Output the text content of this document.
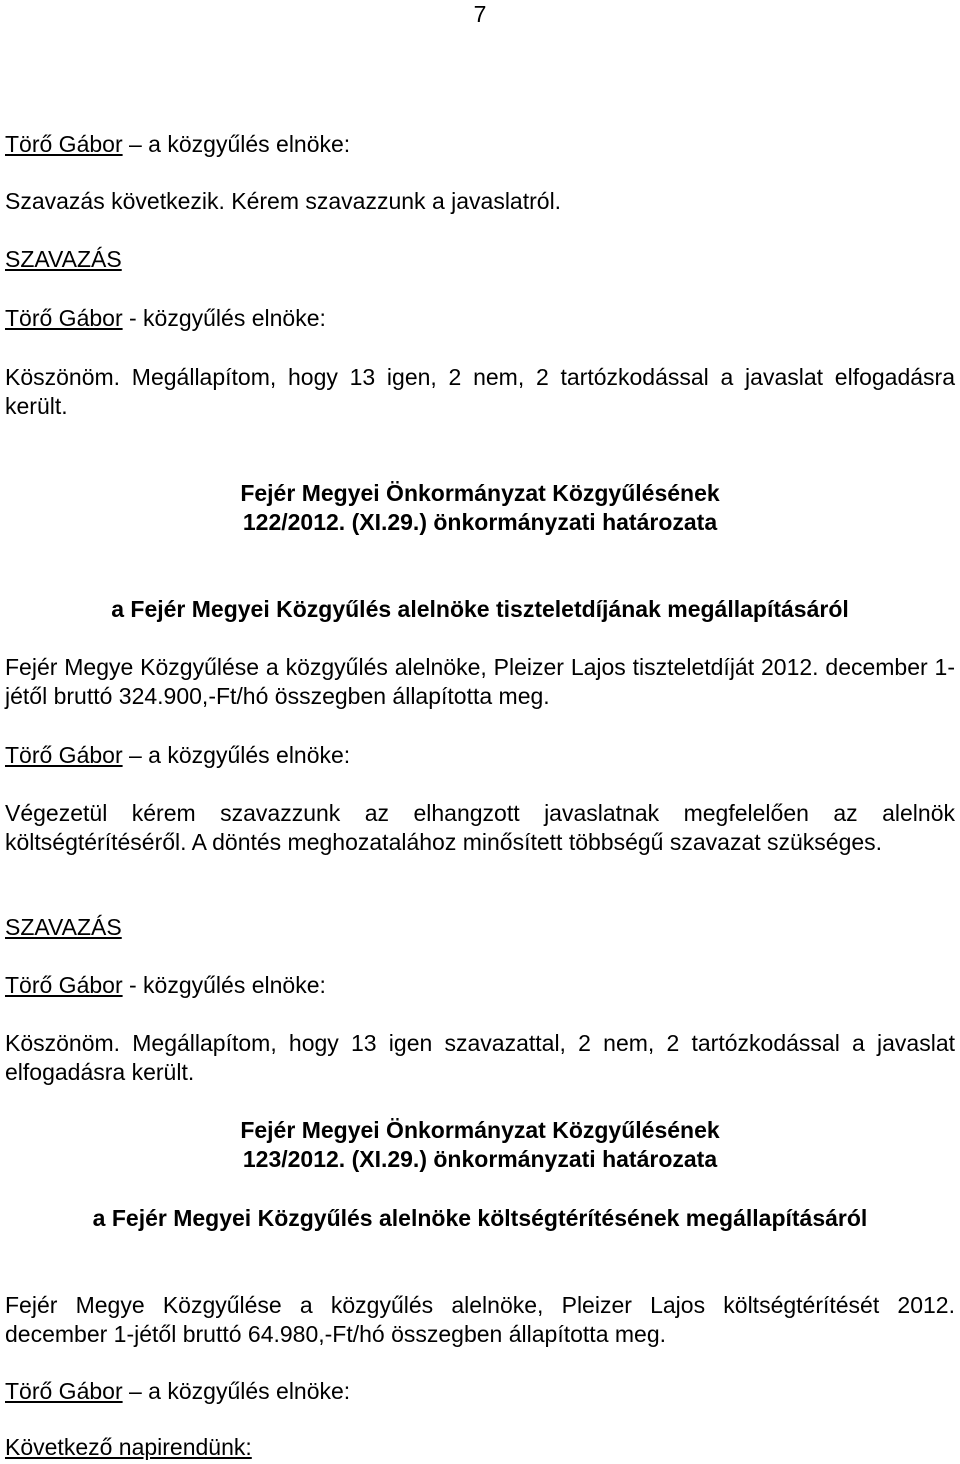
7
Törő Gábor – a közgyűlés elnöke:
Szavazás következik. Kérem szavazzunk a javaslatról.
SZAVAZÁS
Törő Gábor - közgyűlés elnöke:
Köszönöm. Megállapítom, hogy 13 igen, 2 nem, 2 tartózkodással a javaslat elfogadásra került.
Fejér Megyei Önkormányzat Közgyűlésének
122/2012. (XI.29.) önkormányzati határozata
a Fejér Megyei Közgyűlés alelnöke tiszteletdíjának megállapításáról
Fejér Megye Közgyűlése a közgyűlés alelnöke, Pleizer Lajos tiszteletdíját 2012. december 1-jétől bruttó 324.900,-Ft/hó összegben állapította meg.
Törő Gábor – a közgyűlés elnöke:
Végezetül kérem szavazzunk az elhangzott javaslatnak megfelelően az alelnök költségtérítéséről. A döntés meghozatalához minősített többségű szavazat szükséges.
SZAVAZÁS
Törő Gábor - közgyűlés elnöke:
Köszönöm. Megállapítom, hogy 13 igen szavazattal, 2 nem, 2 tartózkodással a javaslat elfogadásra került.
Fejér Megyei Önkormányzat Közgyűlésének
123/2012. (XI.29.) önkormányzati határozata
a Fejér Megyei Közgyűlés alelnöke költségtérítésének megállapításáról
Fejér Megye Közgyűlése a közgyűlés alelnöke, Pleizer Lajos költségtérítését 2012. december 1-jétől bruttó 64.980,-Ft/hó összegben állapította meg.
Törő Gábor – a közgyűlés elnöke:
Következő napirendünk:
